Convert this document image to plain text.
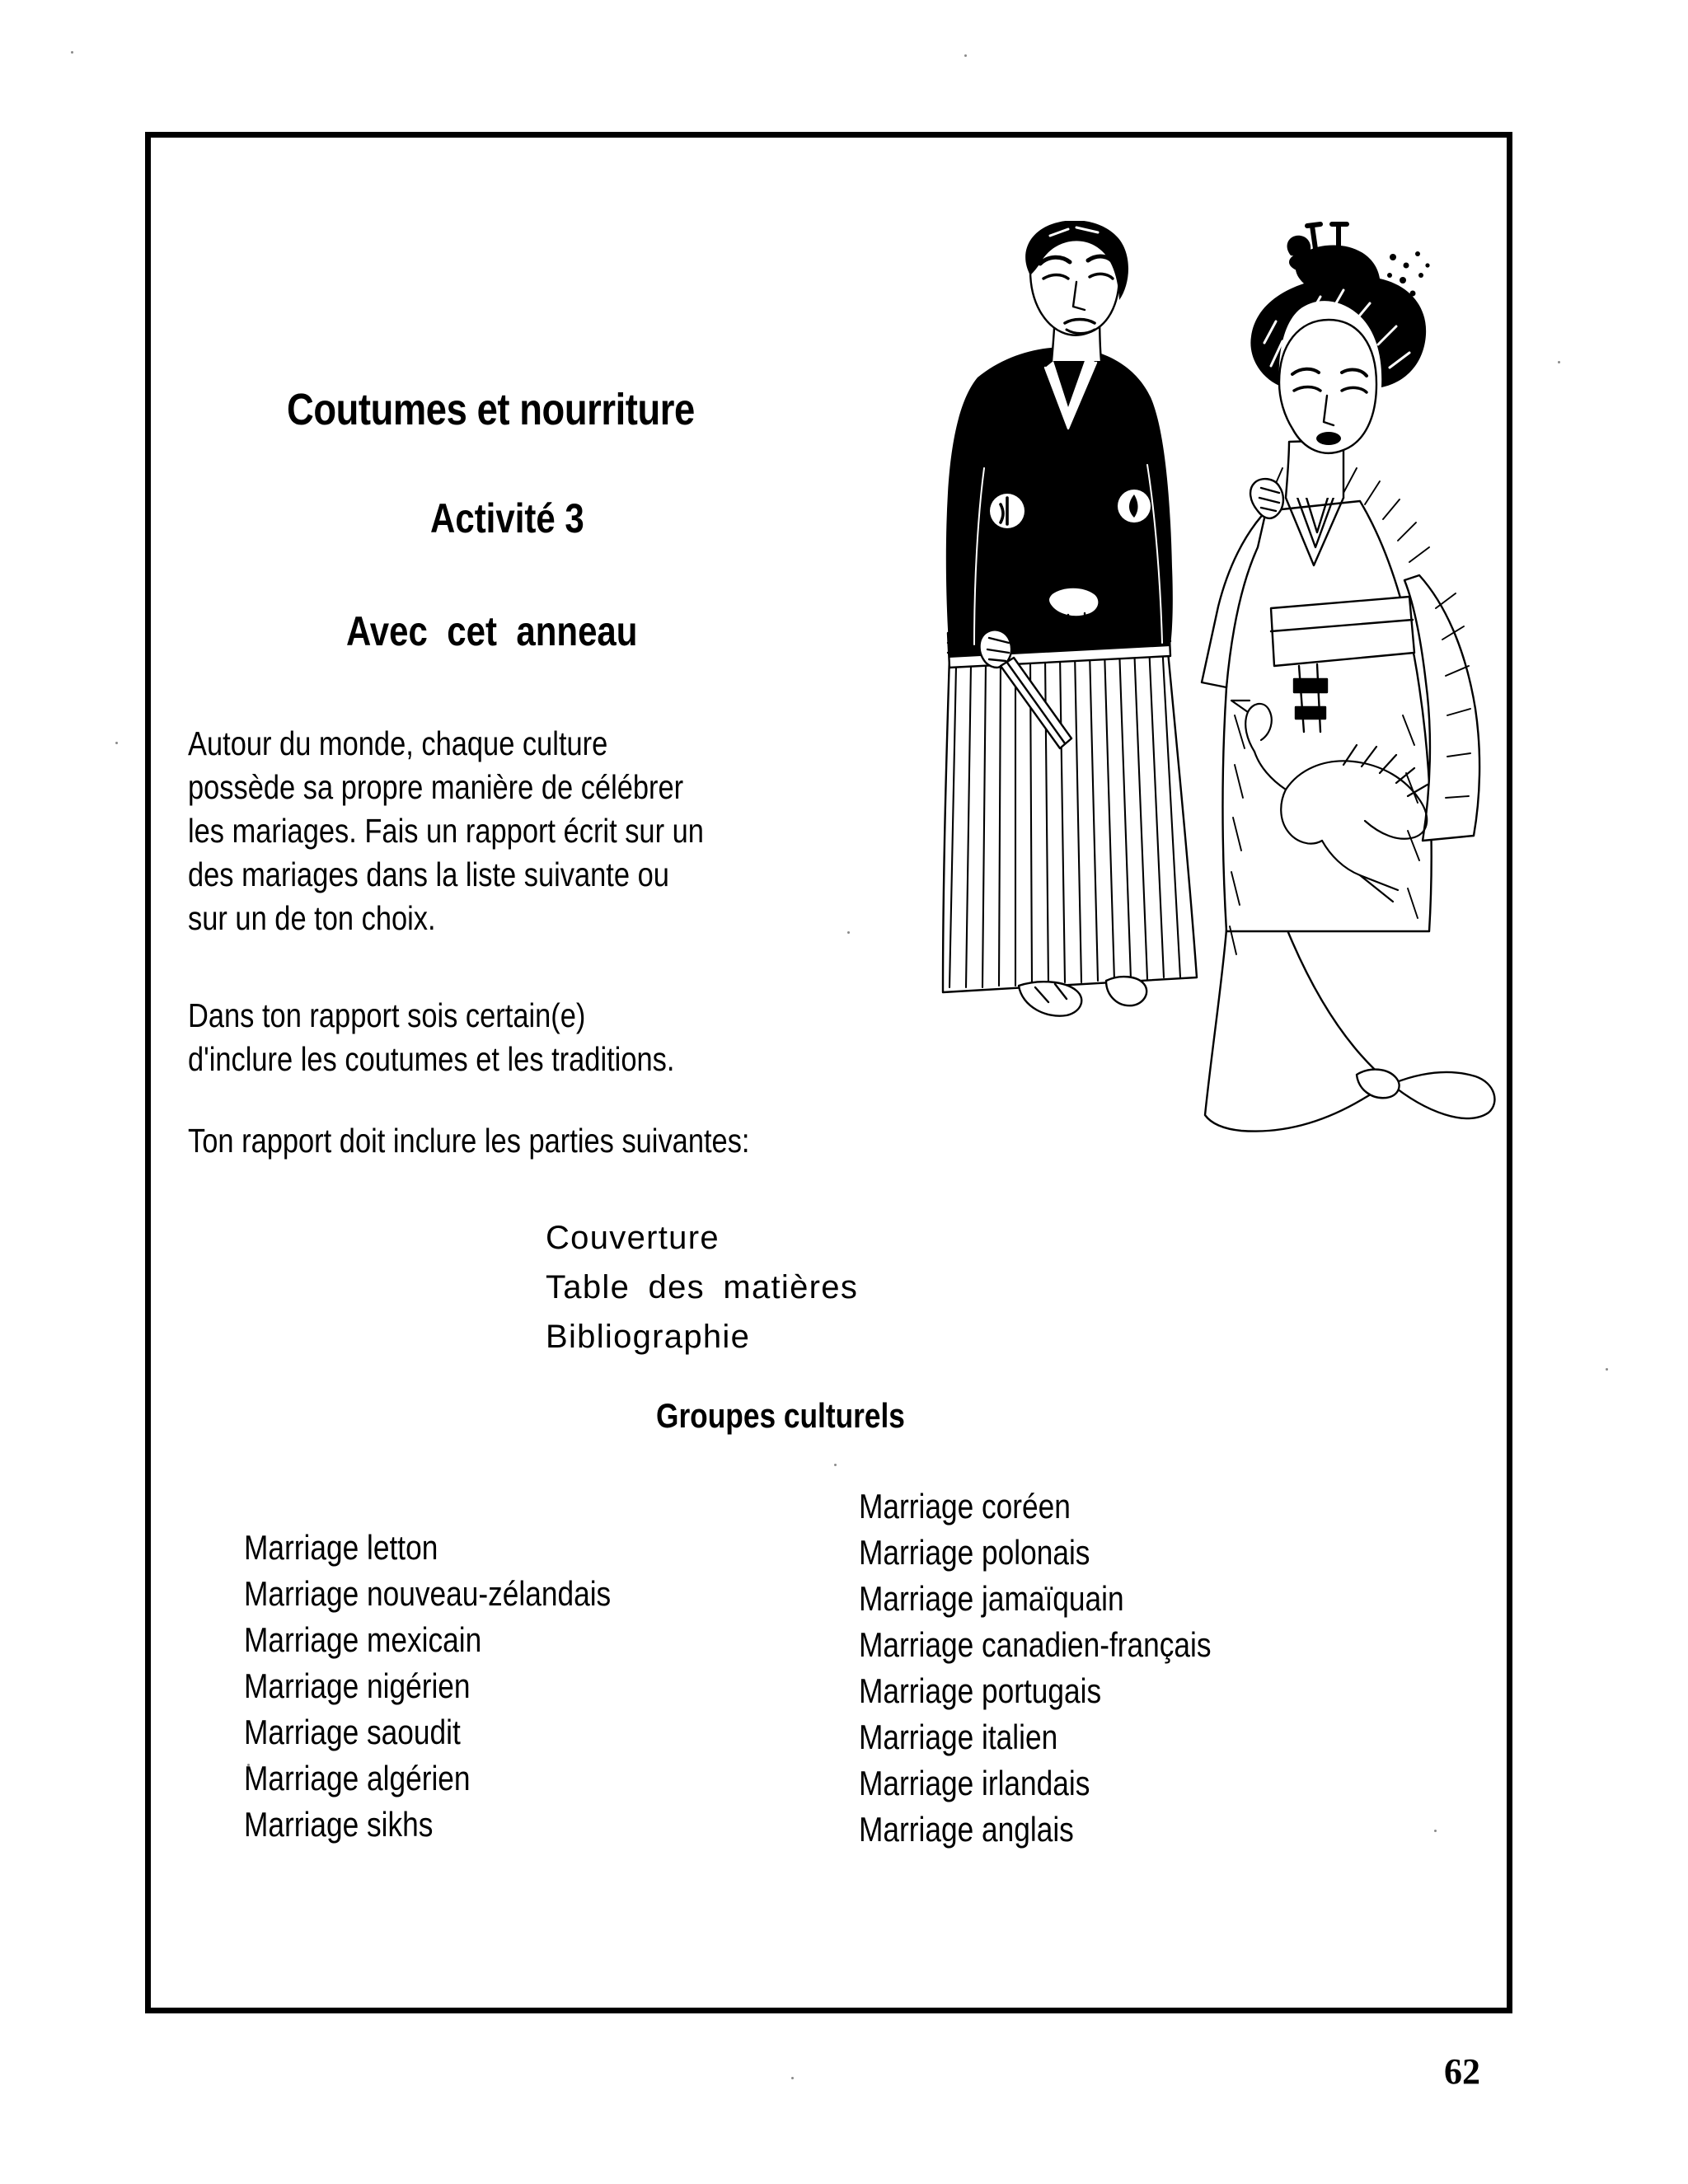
Coutumes et nourriture
Activité 3
Avec cet anneau
Autour du monde, chaque culture
possède sa propre manière de célébrer
les mariages. Fais un rapport écrit sur un
des mariages dans la liste suivante ou
sur un de ton choix.
Dans ton rapport sois certain(e)
d'inclure les coutumes et les traditions.
Ton rapport doit inclure les parties suivantes:
Couverture
Table des matières
Bibliographie
Groupes culturels
Marriage letton
Marriage nouveau-zélandais
Marriage mexicain
Marriage nigérien
Marriage saoudit
Marriage algérien
Marriage sikhs
Marriage coréen
Marriage polonais
Marriage jamaïquain
Marriage canadien-français
Marriage portugais
Marriage italien
Marriage irlandais
Marriage anglais
62
